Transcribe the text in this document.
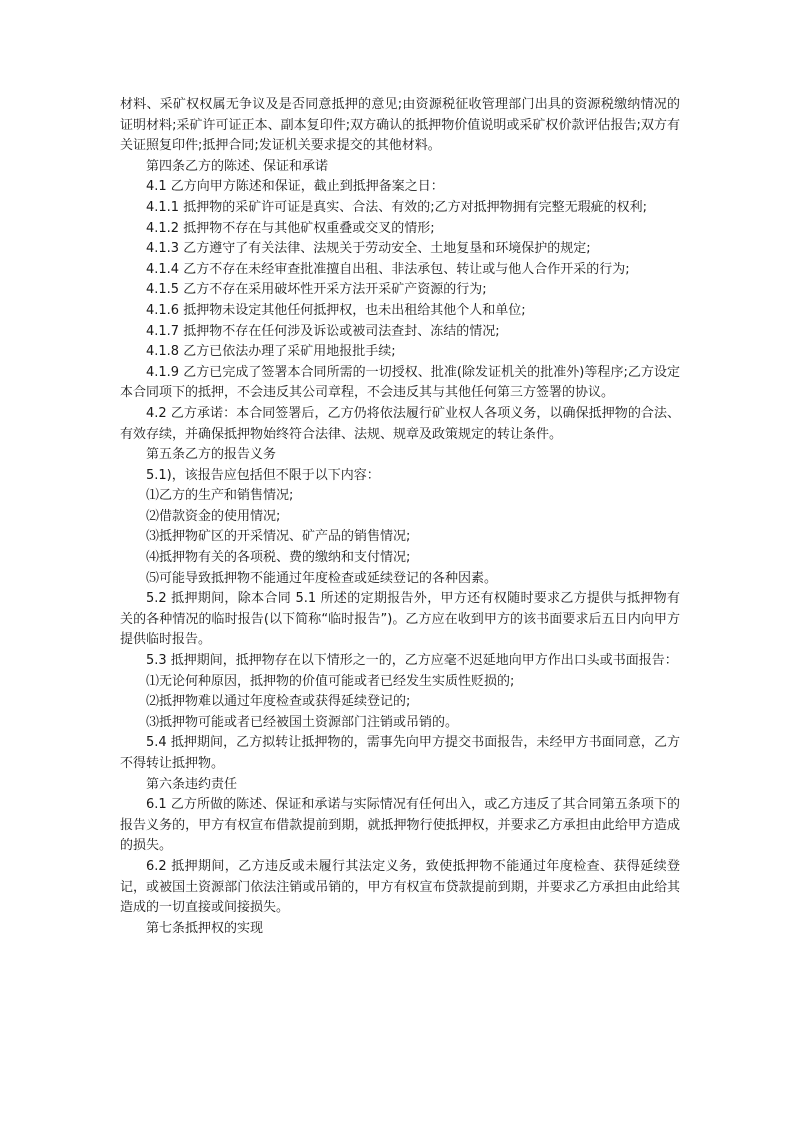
材料、采矿权权属无争议及是否同意抵押的意见;由资源税征收管理部门出具的资源税缴纳情况的证明材料;采矿许可证正本、副本复印件;双方确认的抵押物价值说明或采矿权价款评估报告;双方有关证照复印件;抵押合同;发证机关要求提交的其他材料。

第四条乙方的陈述、保证和承诺

4.1 乙方向甲方陈述和保证，截止到抵押备案之日：

4.1.1 抵押物的采矿许可证是真实、合法、有效的;乙方对抵押物拥有完整无瑕疵的权利;

4.1.2 抵押物不存在与其他矿权重叠或交叉的情形;

4.1.3 乙方遵守了有关法律、法规关于劳动安全、土地复垦和环境保护的规定;

4.1.4 乙方不存在未经审查批准擅自出租、非法承包、转让或与他人合作开采的行为;

4.1.5 乙方不存在采用破坏性开采方法开采矿产资源的行为;

4.1.6 抵押物未设定其他任何抵押权，也未出租给其他个人和单位;

4.1.7 抵押物不存在任何涉及诉讼或被司法查封、冻结的情况;

4.1.8 乙方已依法办理了采矿用地报批手续;

4.1.9 乙方已完成了签署本合同所需的一切授权、批准(除发证机关的批准外)等程序;乙方设定本合同项下的抵押，不会违反其公司章程，不会违反其与其他任何第三方签署的协议。

4.2 乙方承诺：本合同签署后，乙方仍将依法履行矿业权人各项义务，以确保抵押物的合法、有效存续，并确保抵押物始终符合法律、法规、规章及政策规定的转让条件。

第五条乙方的报告义务

5.1)，该报告应包括但不限于以下内容：

⑴乙方的生产和销售情况;

⑵借款资金的使用情况;

⑶抵押物矿区的开采情况、矿产品的销售情况;

⑷抵押物有关的各项税、费的缴纳和支付情况;

⑸可能导致抵押物不能通过年度检查或延续登记的各种因素。

5.2 抵押期间，除本合同 5.1 所述的定期报告外，甲方还有权随时要求乙方提供与抵押物有关的各种情况的临时报告(以下简称“临时报告”)。乙方应在收到甲方的该书面要求后五日内向甲方提供临时报告。

5.3 抵押期间，抵押物存在以下情形之一的，乙方应毫不迟延地向甲方作出口头或书面报告：

⑴无论何种原因，抵押物的价值可能或者已经发生实质性贬损的;

⑵抵押物难以通过年度检查或获得延续登记的;

⑶抵押物可能或者已经被国土资源部门注销或吊销的。

5.4 抵押期间，乙方拟转让抵押物的，需事先向甲方提交书面报告，未经甲方书面同意，乙方不得转让抵押物。

第六条违约责任

6.1 乙方所做的陈述、保证和承诺与实际情况有任何出入，或乙方违反了其合同第五条项下的报告义务的，甲方有权宣布借款提前到期，就抵押物行使抵押权，并要求乙方承担由此给甲方造成的损失。

6.2 抵押期间，乙方违反或未履行其法定义务，致使抵押物不能通过年度检查、获得延续登记，或被国土资源部门依法注销或吊销的，甲方有权宣布贷款提前到期，并要求乙方承担由此给其造成的一切直接或间接损失。

第七条抵押权的实现
